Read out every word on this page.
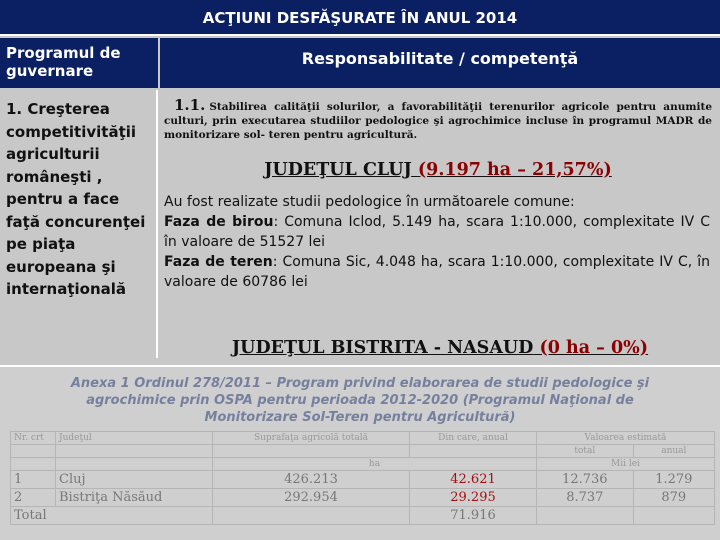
ACŢIUNI DESFĂŞURATE ÎN ANUL 2014
Programul de guvernare
Responsabilitate / competenţă
1. Creşterea competitivităţii agriculturii româneşti , pentru a face faţă concurenţei pe piaţa europeana şi internaţională
1.1. Stabilirea calităţii solurilor, a favorabilităţii terenurilor agricole pentru anumite culturi, prin executarea studiilor pedologice şi agrochimice incluse în programul MADR de monitorizare sol- teren pentru agricultură.
JUDEŢUL CLUJ (9.197 ha – 21,57%)
Au fost realizate studii pedologice în următoarele comune:
Faza de birou: Comuna Iclod, 5.149 ha, scara 1:10.000, complexitate IV C în valoare de 51527 lei
Faza de teren: Comuna Sic, 4.048 ha, scara 1:10.000, complexitate IV C, în valoare de 60786 lei
JUDEŢUL BISTRITA - NASAUD (0 ha – 0%)
Anexa 1 Ordinul 278/2011 – Program privind elaborarea de studii pedologice şi agrochimice prin OSPA pentru perioada 2012-2020 (Programul Naţional de Monitorizare Sol-Teren pentru Agricultură)
Nr. crt	Judeţul	Suprafaţa agricolă totală	Din care, anual	Valoarea estimată	
				total	anual
		ha		Mii lei	
1	Cluj	426.213	42.621	12.736	1.279
2	Bistriţa Năsăud	292.954	29.295	8.737	879
Total			71.916		
